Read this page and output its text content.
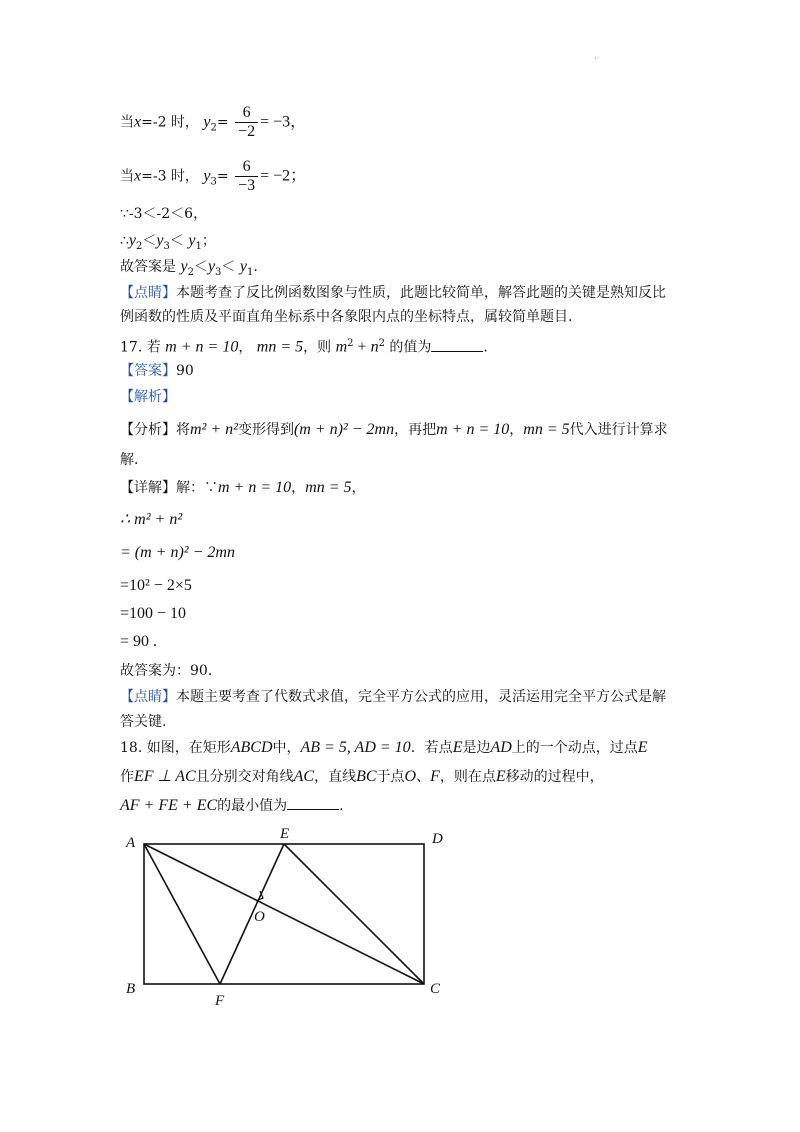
·
当x=-2 时， $y_2= \frac{6}{-2} = -3$，
当x=-3 时， $y_3= \frac{6}{-3} = -2$；
∵-3＜-2＜6，
$\therefore y_2<y_3< y_1$；
故答案是 $y_2<y_3< y_1$.
【点睛】本题考查了反比例函数图象与性质，此题比较简单，解答此题的关键是熟知反比
例函数的性质及平面直角坐标系中各象限内点的坐标特点，属较简单题目.
17. 若 m + n = 10， mn = 5，则 $m^2 + n^2$ 的值为	.
【答案】90
【解析】
【分析】将m² + n²变形得到(m + n)² − 2mn，再把m + n = 10，mn = 5代入进行计算求
解.
【详解】解：∵m + n = 10，mn = 5，
∴ m² + n²
= (m + n)² − 2mn
=10² − 2×5
=100 − 10
= 90 .
故答案为：90.
【点睛】本题主要考查了代数式求值，完全平方公式的应用，灵活运用完全平方公式是解
答关键.
18. 如图，在矩形ABCD中，AB = 5, AD = 10．若点E是边AD上的一个动点，过点E
作EF ⊥ AC且分别交对角线AC，直线BC于点O、F，则在点E移动的过程中，
AF + FE + EC的最小值为	.
A
B	C
D
E
F
O
